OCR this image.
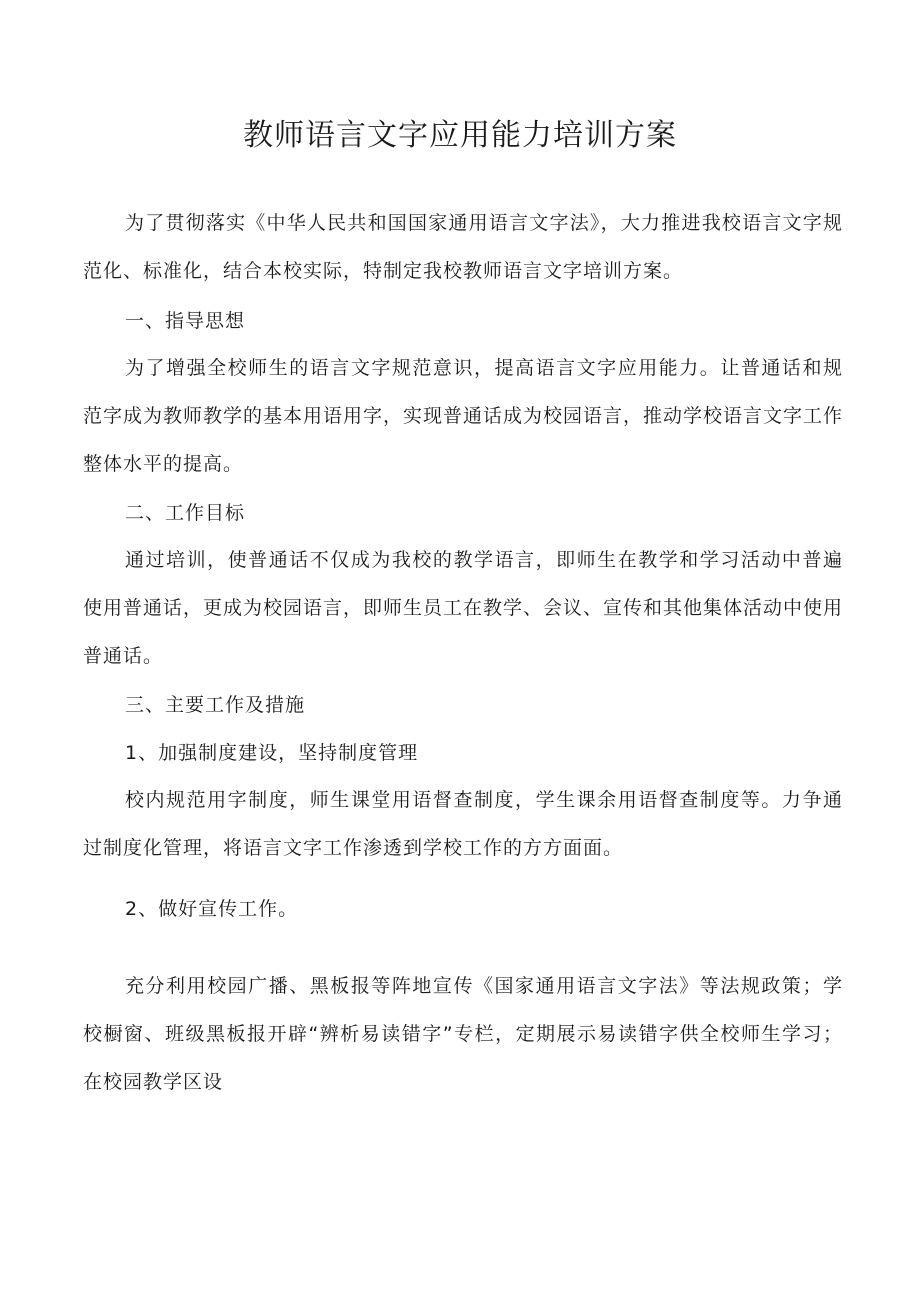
教师语言文字应用能力培训方案
为了贯彻落实《中华人民共和国国家通用语言文字法》，大力推进我校语言文字规范化、标准化，结合本校实际，特制定我校教师语言文字培训方案。
一、指导思想
为了增强全校师生的语言文字规范意识，提高语言文字应用能力。让普通话和规范字成为教师教学的基本用语用字，实现普通话成为校园语言，推动学校语言文字工作整体水平的提高。
二、工作目标
通过培训，使普通话不仅成为我校的教学语言，即师生在教学和学习活动中普遍使用普通话，更成为校园语言，即师生员工在教学、会议、宣传和其他集体活动中使用普通话。
三、主要工作及措施
1、加强制度建设，坚持制度管理
校内规范用字制度，师生课堂用语督查制度，学生课余用语督查制度等。力争通过制度化管理，将语言文字工作渗透到学校工作的方方面面。
2、做好宣传工作。
充分利用校园广播、黑板报等阵地宣传《国家通用语言文字法》等法规政策；学校橱窗、班级黑板报开辟“辨析易读错字”专栏，定期展示易读错字供全校师生学习；在校园教学区设
